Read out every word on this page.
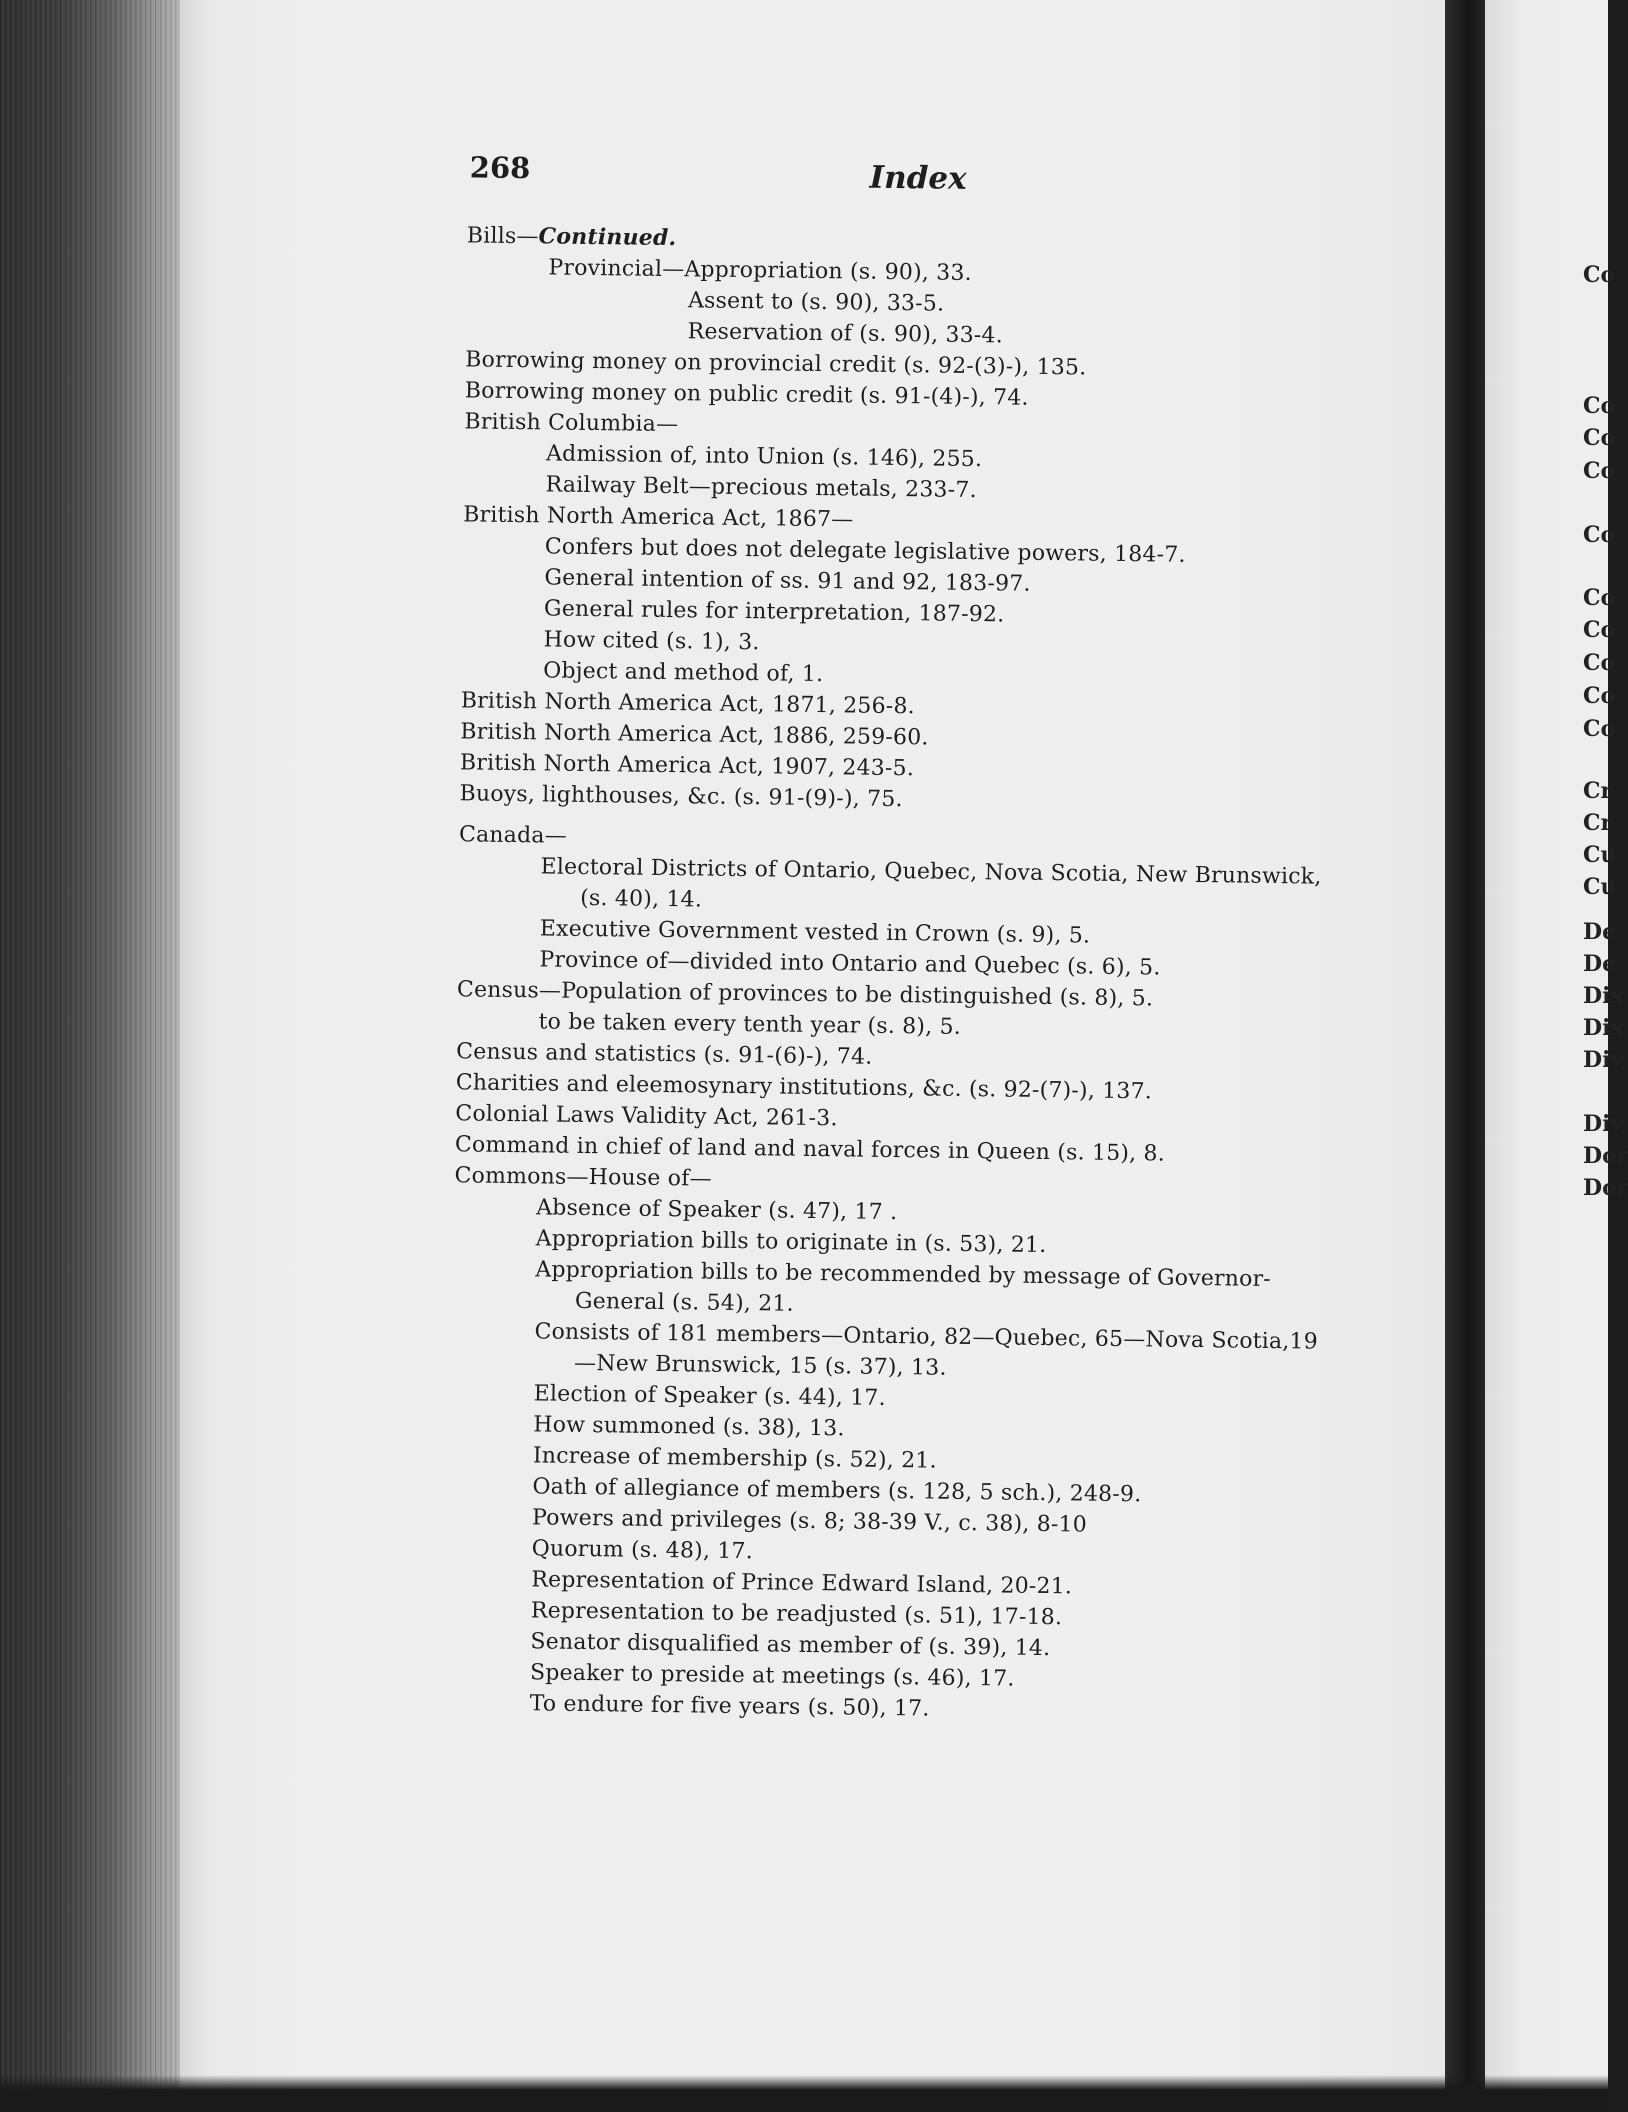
Co
Co
Co
Co
Co
Co
Co
Co
Co
Co
Cr
Cr
Cu
Cu
De
De
Dis
Dis
Div
Div
Dor
Dor
268	Index
Bills—Continued.
Provincial—Appropriation (s. 90), 33.
Assent to (s. 90), 33-5.
Reservation of (s. 90), 33-4.
Borrowing money on provincial credit (s. 92-(3)-), 135.
Borrowing money on public credit (s. 91-(4)-), 74.
British Columbia—
Admission of, into Union (s. 146), 255.
Railway Belt—precious metals, 233-7.
British North America Act, 1867—
Confers but does not delegate legislative powers, 184-7.
General intention of ss. 91 and 92, 183-97.
General rules for interpretation, 187-92.
How cited (s. 1), 3.
Object and method of, 1.
British North America Act, 1871, 256-8.
British North America Act, 1886, 259-60.
British North America Act, 1907, 243-5.
Buoys, lighthouses, &c. (s. 91-(9)-), 75.
Canada—
Electoral Districts of Ontario, Quebec, Nova Scotia, New Brunswick, (s. 40), 14.
Executive Government vested in Crown (s. 9), 5.
Province of—divided into Ontario and Quebec (s. 6), 5.
Census—Population of provinces to be distinguished (s. 8), 5.
to be taken every tenth year (s. 8), 5.
Census and statistics (s. 91-(6)-), 74.
Charities and eleemosynary institutions, &c. (s. 92-(7)-), 137.
Colonial Laws Validity Act, 261-3.
Command in chief of land and naval forces in Queen (s. 15), 8.
Commons—House of—
Absence of Speaker (s. 47), 17 .
Appropriation bills to originate in (s. 53), 21.
Appropriation bills to be recommended by message of Governor-General (s. 54), 21.
Consists of 181 members—Ontario, 82—Quebec, 65—Nova Scotia,19—New Brunswick, 15 (s. 37), 13.
Election of Speaker (s. 44), 17.
How summoned (s. 38), 13.
Increase of membership (s. 52), 21.
Oath of allegiance of members (s. 128, 5 sch.), 248-9.
Powers and privileges (s. 8; 38-39 V., c. 38), 8-10
Quorum (s. 48), 17.
Representation of Prince Edward Island, 20-21.
Representation to be readjusted (s. 51), 17-18.
Senator disqualified as member of (s. 39), 14.
Speaker to preside at meetings (s. 46), 17.
To endure for five years (s. 50), 17.
